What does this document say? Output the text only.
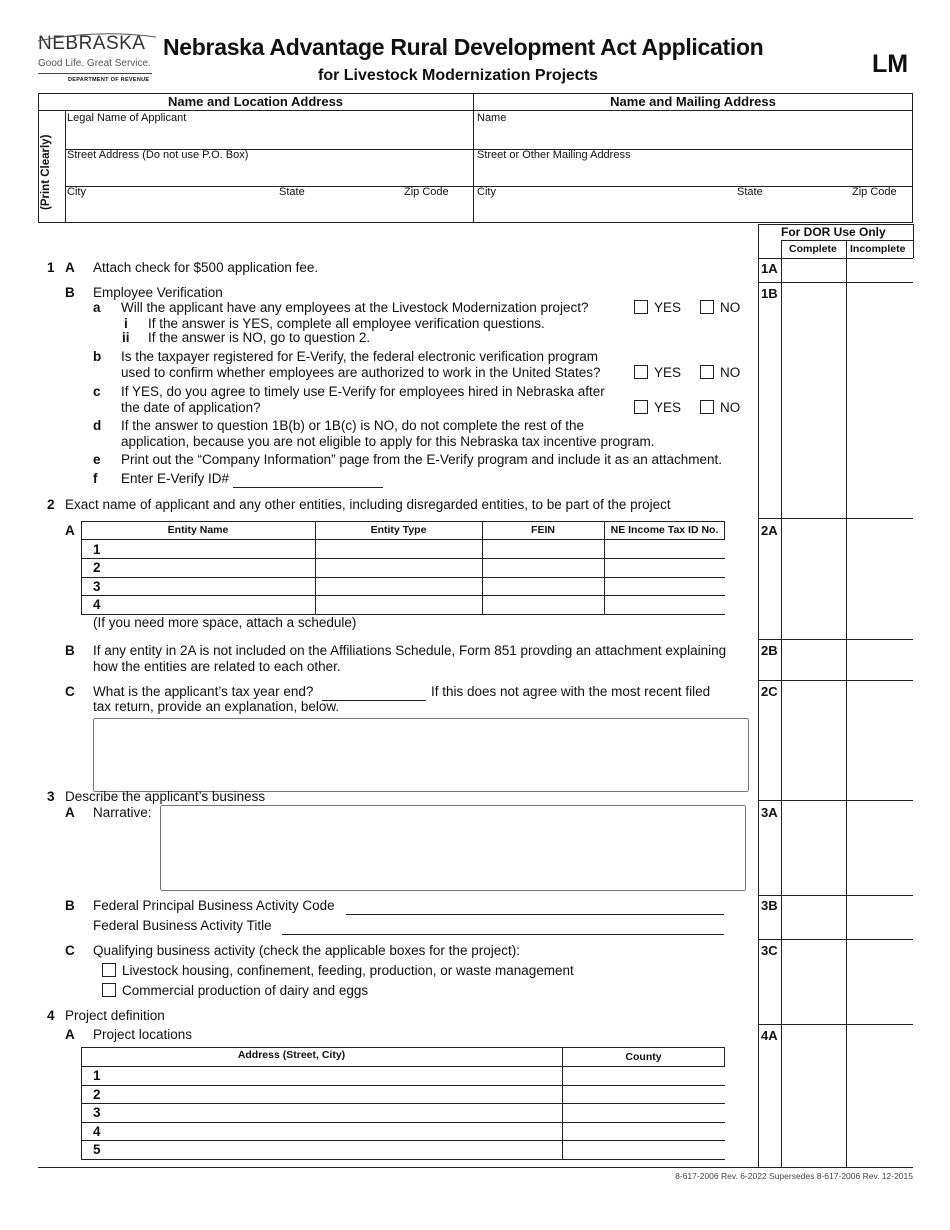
NEBRASKA
Good Life. Great Service.
DEPARTMENT OF REVENUE
Nebraska Advantage Rural Development Act Application
for Livestock Modernization Projects	LM
Name and Location Address	Name and Mailing Address
(Print Clearly)
Legal Name of Applicant
Street Address (Do not use P.O. Box)
City	State	Zip Code
Name
Street or Other Mailing Address
City	State	Zip Code
For DOR Use Only
Complete Incomplete
1A
1B
2A
2B
2C
3A
3B
3C
4A
1 A Attach check for $500 application fee.
B Employee Verification
a Will the applicant have any employees at the Livestock Modernization project?	YES	NO
i If the answer is YES, complete all employee verification questions.
ii If the answer is NO, go to question 2.
b Is the taxpayer registered for E-Verify, the federal electronic verification program
used to confirm whether employees are authorized to work in the United States?	YES	NO
c If YES, do you agree to timely use E-Verify for employees hired in Nebraska after
the date of application?	YES	NO
d If the answer to question 1B(b) or 1B(c) is NO, do not complete the rest of the
application, because you are not eligible to apply for this Nebraska tax incentive program.
e Print out the “Company Information” page from the E-Verify program and include it as an attachment.
f Enter E-Verify ID#
2 Exact name of applicant and any other entities, including disregarded entities, to be part of the project
A	Entity Name	Entity Type	FEIN	NE Income Tax ID No.
1
2
3
4
(If you need more space, attach a schedule)
B If any entity in 2A is not included on the Affiliations Schedule, Form 851 provding an attachment explaining
how the entities are related to each other.
C What is the applicant’s tax year end?	If this does not agree with the most recent filed
tax return, provide an explanation, below.
3 Describe the applicant’s business
A Narrative:
B Federal Principal Business Activity Code
Federal Business Activity Title
C Qualifying business activity (check the applicable boxes for the project):
Livestock housing, confinement, feeding, production, or waste management
Commercial production of dairy and eggs
4 Project definition
A Project locations
Address (Street, City)	County
1
2
3
4
5
8-617-2006 Rev. 6-2022 Supersedes 8-617-2006 Rev. 12-2015
